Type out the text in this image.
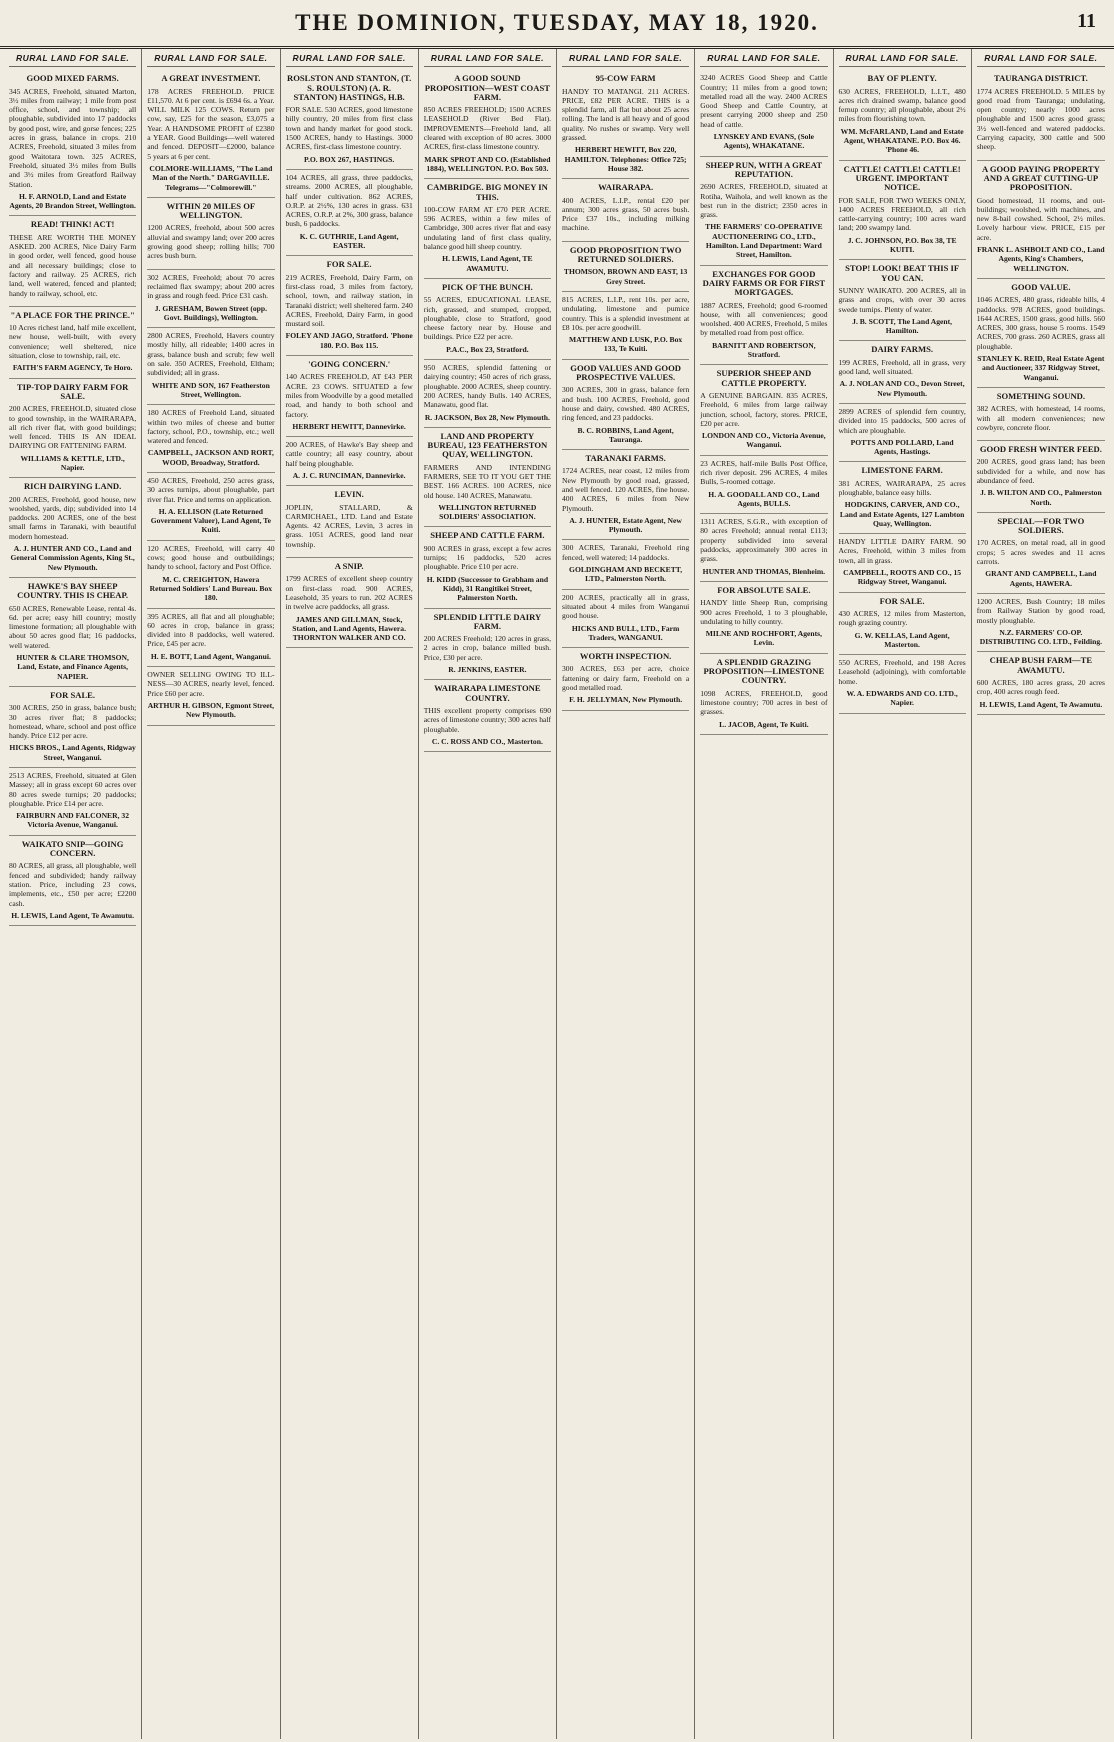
THE DOMINION, TUESDAY, MAY 18, 1920.	11
RURAL LAND FOR SALE.
GOOD MIXED FARMS.

345 ACRES, Freehold, situated Marton, 3½ miles from railway; 1 mile from post office, school, and township; all ploughable, subdivided into 17 paddocks by good post, wire, and gorse fences; 225 acres in grass, balance in crops. 210 ACRES, Freehold, situated 3 miles from good Waitotara town. 325 ACRES, Freehold, situated 3½ miles from Bulls and 3½ miles from Greatford Railway Station.

H. F. ARNOLD, Land and Estate Agents, 20 Brandon Street, Wellington.
READ! THINK! ACT!

THESE ARE WORTH THE MONEY ASKED. 200 ACRES, Nice Dairy Farm in good order, well fenced, good house and all necessary buildings; close to factory and railway. 25 ACRES, rich land, well watered, fenced and planted; handy to railway, school, etc.

"A PLACE FOR THE PRINCE."

10 Acres richest land, half mile excellent, new house, well-built, with every convenience; well sheltered, nice situation, close to township, rail, etc.

FAITH'S FARM AGENCY, Te Horo.
TIP-TOP DAIRY FARM FOR SALE.

200 ACRES, FREEHOLD, situated close to good township, in the WAIRARAPA, all rich river flat, with good buildings; well fenced. THIS IS AN IDEAL DAIRYING OR FATTENING FARM.

WILLIAMS & KETTLE, LTD., Napier.
RICH DAIRYING LAND.

200 ACRES, Freehold, good house, new woolshed, yards, dip; subdivided into 14 paddocks. 200 ACRES, one of the best small farms in Taranaki, with beautiful modern homestead.

A. J. HUNTER AND CO., Land and General Commission Agents, King St., New Plymouth.
HAWKE'S BAY SHEEP COUNTRY. THIS IS CHEAP.

650 ACRES, Renewable Lease, rental 4s. 6d. per acre; easy hill country; mostly limestone formation; all ploughable with about 50 acres good flat; 16 paddocks, well watered.

HUNTER & CLARE THOMSON, Land, Estate, and Finance Agents, NAPIER.
FOR SALE.

300 ACRES, 250 in grass, balance bush; 30 acres river flat; 8 paddocks; homestead, whare, school and post office handy. Price £12 per acre.

HICKS BROS., Land Agents, Ridgway Street, Wanganui.

2513 ACRES, Freehold, situated at Glen Massey; all in grass except 60 acres over 80 acres swede turnips; 20 paddocks; ploughable. Price £14 per acre.

FAIRBURN AND FALCONER, 32 Victoria Avenue, Wanganui.
WAIKATO SNIP—GOING CONCERN.

80 ACRES, all grass, all ploughable, well fenced and subdivided; handy railway station. Price, including 23 cows, implements, etc., £50 per acre; £2200 cash.

H. LEWIS, Land Agent, Te Awamutu.
RURAL LAND FOR SALE.
A GREAT INVESTMENT.

178 ACRES FREEHOLD. PRICE £11,570. At 6 per cent. is £694 6s. a Year. WILL MILK 125 COWS. Return per cow, say, £25 for the season, £3,075 a Year. A HANDSOME PROFIT of £2380 a YEAR. Good Buildings—well watered and fenced. DEPOSIT—£2000, balance 5 years at 6 per cent.

COLMORE-WILLIAMS, "The Land Man of the North." DARGAVILLE. Telegrams—"Colmorewill."
WITHIN 20 MILES OF WELLINGTON.

1200 ACRES, freehold, about 500 acres alluvial and swampy land; over 200 acres growing good sheep; rolling hills; 700 acres bush burn.

302 ACRES, Freehold; about 70 acres reclaimed flax swampy; about 200 acres in grass and rough feed. Price £31 cash.

J. GRESHAM, Bowen Street (opp. Govt. Buildings), Wellington.

2800 ACRES, Freehold, Havers country mostly hilly, all rideable; 1400 acres in grass, balance bush and scrub; few well on sale. 350 ACRES, Freehold, Eltham; subdivided; all in grass.

WHITE AND SON, 167 Featherston Street, Wellington.

180 ACRES of Freehold Land, situated within two miles of cheese and butter factory, school, P.O., township, etc.; well watered and fenced.

CAMPBELL, JACKSON AND RORT, WOOD, Broadway, Stratford.

450 ACRES, Freehold, 250 acres grass, 30 acres turnips, about ploughable, part river flat. Price and terms on application.

H. A. ELLISON (Late Returned Government Valuer), Land Agent, Te Kuiti.

120 ACRES, Freehold, will carry 40 cows; good house and outbuildings; handy to school, factory and Post Office.

M. C. CREIGHTON, Hawera Returned Soldiers' Land Bureau. Box 180.

395 ACRES, all flat and all ploughable; 60 acres in crop, balance in grass; divided into 8 paddocks, well watered. Price, £45 per acre.

H. E. BOTT, Land Agent, Wanganui.

OWNER SELLING OWING TO ILL-NESS—30 ACRES, nearly level, fenced. Price £60 per acre.

ARTHUR H. GIBSON, Egmont Street, New Plymouth.
RURAL LAND FOR SALE.
ROSLSTON AND STANTON, (T. S. ROULSTON) (A. R. STANTON) HASTINGS, H.B.

FOR SALE. 530 ACRES, good limestone hilly country, 20 miles from first class town and handy market for good stock. 1500 ACRES, handy to Hastings. 3000 ACRES, first-class limestone country.

P.O. BOX 267, HASTINGS.

104 ACRES, all grass, three paddocks, streams. 2000 ACRES, all ploughable, half under cultivation. 862 ACRES, O.R.P. at 2½%, 130 acres in grass. 631 ACRES, O.R.P. at 2%, 300 grass, balance bush, 6 paddocks.

K. C. GUTHRIE, Land Agent, EASTER.
FOR SALE.

219 ACRES, Freehold, Dairy Farm, on first-class road, 3 miles from factory, school, town, and railway station, in Taranaki district; well sheltered farm. 240 ACRES, Freehold, Dairy Farm, in good mustard soil.

FOLEY AND JAGO, Stratford. 'Phone 180. P.O. Box 115.
'GOING CONCERN.'

140 ACRES FREEHOLD, AT £43 PER ACRE. 23 COWS. SITUATED a few miles from Woodville by a good metalled road, and handy to both school and factory.

HERBERT HEWITT, Dannevirke.

200 ACRES, of Hawke's Bay sheep and cattle country; all easy country, about half being ploughable.

A. J. C. RUNCIMAN, Dannevirke.
LEVIN.

JOPLIN, STALLARD, & CARMICHAEL, LTD. Land and Estate Agents. 42 ACRES, Levin, 3 acres in grass. 1051 ACRES, good land near township.

A SNIP.

1799 ACRES of excellent sheep country on first-class road. 900 ACRES, Leasehold, 35 years to run. 202 ACRES in twelve acre paddocks, all grass.

JAMES AND GILLMAN, Stock, Station, and Land Agents, Hawera. THORNTON WALKER AND CO.
RURAL LAND FOR SALE.
A GOOD SOUND PROPOSITION—WEST COAST FARM.

850 ACRES FREEHOLD; 1500 ACRES LEASEHOLD (River Bed Flat). IMPROVEMENTS—Freehold land, all cleared with exception of 80 acres. 3000 ACRES, first-class limestone country.

MARK SPROT AND CO. (Established 1884), WELLINGTON. P.O. Box 503.
CAMBRIDGE. BIG MONEY IN THIS.

100-COW FARM AT £70 PER ACRE. 596 ACRES, within a few miles of Cambridge, 300 acres river flat and easy undulating land of first class quality, balance good hill sheep country.

H. LEWIS, Land Agent, TE AWAMUTU.
PICK OF THE BUNCH.

55 ACRES, EDUCATIONAL LEASE, rich, grassed, and stumped, cropped, ploughable, close to Stratford, good cheese factory near by. House and buildings. Price £22 per acre.

P.A.C., Box 23, Stratford.

950 ACRES, splendid fattening or dairying country; 450 acres of rich grass, ploughable. 2000 ACRES, sheep country. 200 ACRES, handy Bulls. 140 ACRES, Manawatu, good flat.

R. JACKSON, Box 28, New Plymouth.
LAND AND PROPERTY BUREAU, 123 FEATHERSTON QUAY, WELLINGTON.

FARMERS AND INTENDING FARMERS, SEE TO IT YOU GET THE BEST. 166 ACRES. 100 ACRES, nice old house. 140 ACRES, Manawatu.

WELLINGTON RETURNED SOLDIERS' ASSOCIATION.
SHEEP AND CATTLE FARM.

900 ACRES in grass, except a few acres turnips; 16 paddocks, 520 acres ploughable. Price £10 per acre.

H. KIDD (Successor to Grabham and Kidd), 31 Rangitikei Street, Palmerston North.
SPLENDID LITTLE DAIRY FARM.

200 ACRES Freehold; 120 acres in grass, 2 acres in crop, balance milled bush. Price, £30 per acre.

R. JENKINS, EASTER.
WAIRARAPA LIMESTONE COUNTRY.

THIS excellent property comprises 690 acres of limestone country; 300 acres half ploughable.

C. C. ROSS AND CO., Masterton.
RURAL LAND FOR SALE.
95-COW FARM

HANDY TO MATANGI. 211 ACRES. PRICE, £82 PER ACRE. THIS is a splendid farm, all flat but about 25 acres rolling. The land is all heavy and of good quality. No rushes or swamp. Very well grassed.

HERBERT HEWITT, Box 220, HAMILTON. Telephones: Office 725; House 382.
WAIRARAPA.

400 ACRES, L.I.P., rental £20 per annum; 300 acres grass, 50 acres bush. Price £37 10s., including milking machine.

GOOD PROPOSITION TWO RETURNED SOLDIERS.
THOMSON, BROWN AND EAST, 13 Grey Street.

815 ACRES, L.I.P., rent 10s. per acre, undulating, limestone and pumice country. This is a splendid investment at £8 10s. per acre goodwill.

MATTHEW AND LUSK, P.O. Box 133, Te Kuiti.
GOOD VALUES AND GOOD PROSPECTIVE VALUES.

300 ACRES, 300 in grass, balance fern and bush. 100 ACRES, Freehold, good house and dairy, cowshed. 480 ACRES, ring fenced, and 23 paddocks.

B. C. ROBBINS, Land Agent, Tauranga.
TARANAKI FARMS.

1724 ACRES, near coast, 12 miles from New Plymouth by good road, grassed, and well fenced. 120 ACRES, fine house. 400 ACRES, 6 miles from New Plymouth.

A. J. HUNTER, Estate Agent, New Plymouth.

300 ACRES, Taranaki, Freehold ring fenced, well watered; 14 paddocks.

GOLDINGHAM AND BECKETT, LTD., Palmerston North.

200 ACRES, practically all in grass, situated about 4 miles from Wanganui good house.

HICKS AND BULL, LTD., Farm Traders, WANGANUI.
WORTH INSPECTION.

300 ACRES, £63 per acre, choice fattening or dairy farm, Freehold on a good metalled road.

F. H. JELLYMAN, New Plymouth.
RURAL LAND FOR SALE.

3240 ACRES Good Sheep and Cattle Country; 11 miles from a good town; metalled road all the way. 2400 ACRES Good Sheep and Cattle Country, at present carrying 2000 sheep and 250 head of cattle.

LYNSKEY AND EVANS, (Sole Agents), WHAKATANE.
SHEEP RUN, WITH A GREAT REPUTATION.

2690 ACRES, FREEHOLD, situated at Rotiha, Waihola, and well known as the best run in the district; 2350 acres in grass.

THE FARMERS' CO-OPERATIVE AUCTIONEERING CO., LTD., Hamilton. Land Department: Ward Street, Hamilton.
EXCHANGES FOR GOOD DAIRY FARMS OR FOR FIRST MORTGAGES.

1887 ACRES, Freehold; good 6-roomed house, with all conveniences; good woolshed. 400 ACRES, Freehold, 5 miles by metalled road from post office.

BARNITT AND ROBERTSON, Stratford.
SUPERIOR SHEEP AND CATTLE PROPERTY.

A GENUINE BARGAIN. 835 ACRES, Freehold, 6 miles from large railway junction, school, factory, stores. PRICE, £20 per acre.

LONDON AND CO., Victoria Avenue, Wanganui.

23 ACRES, half-mile Bulls Post Office, rich river deposit. 296 ACRES, 4 miles Bulls, 5-roomed cottage.

H. A. GOODALL AND CO., Land Agents, BULLS.

1311 ACRES, S.G.R., with exception of 80 acres Freehold; annual rental £113; property subdivided into several paddocks, approximately 300 acres in grass.

HUNTER AND THOMAS, Blenheim.
FOR ABSOLUTE SALE.

HANDY little Sheep Run, comprising 900 acres Freehold, 1 to 3 ploughable, undulating to hilly country.

MILNE AND ROCHFORT, Agents, Levin.
A SPLENDID GRAZING PROPOSITION—LIMESTONE COUNTRY.

1098 ACRES, FREEHOLD, good limestone country; 700 acres in best of grasses.

L. JACOB, Agent, Te Kuiti.
RURAL LAND FOR SALE.
BAY OF PLENTY.

630 ACRES, FREEHOLD, L.I.T., 480 acres rich drained swamp, balance good fernup country; all ploughable, about 2½ miles from flourishing town.

WM. McFARLAND, Land and Estate Agent, WHAKATANE. P.O. Box 46. 'Phone 46.
CATTLE! CATTLE! CATTLE! URGENT. IMPORTANT NOTICE.

FOR SALE, FOR TWO WEEKS ONLY, 1400 ACRES FREEHOLD, all rich cattle-carrying country; 100 acres ward land; 200 swampy land.

J. C. JOHNSON, P.O. Box 38, TE KUITI.
STOP! LOOK! BEAT THIS IF YOU CAN.

SUNNY WAIKATO. 200 ACRES, all in grass and crops, with over 30 acres swede turnips. Plenty of water.

J. B. SCOTT, The Land Agent, Hamilton.
DAIRY FARMS.

199 ACRES, Freehold, all in grass, very good land, well situated.

A. J. NOLAN AND CO., Devon Street, New Plymouth.

2899 ACRES of splendid fern country, divided into 15 paddocks, 500 acres of which are ploughable.

POTTS AND POLLARD, Land Agents, Hastings.
LIMESTONE FARM.

381 ACRES, WAIRARAPA, 25 acres ploughable, balance easy hills.

HODGKINS, CARVER, AND CO., Land and Estate Agents, 127 Lambton Quay, Wellington.

HANDY LITTLE DAIRY FARM. 90 Acres, Freehold, within 3 miles from town, all in grass.

CAMPBELL, ROOTS AND CO., 15 Ridgway Street, Wanganui.
FOR SALE.

430 ACRES, 12 miles from Masterton, rough grazing country.

G. W. KELLAS, Land Agent, Masterton.

550 ACRES, Freehold, and 198 Acres Leasehold (adjoining), with comfortable home.

W. A. EDWARDS AND CO. LTD., Napier.
RURAL LAND FOR SALE.
TAURANGA DISTRICT.

1774 ACRES FREEHOLD. 5 MILES by good road from Tauranga; undulating, open country; nearly 1000 acres ploughable and 1500 acres good grass; 3½ well-fenced and watered paddocks. Carrying capacity, 300 cattle and 500 sheep.

A GOOD PAYING PROPERTY AND A GREAT CUTTING-UP PROPOSITION.

Good homestead, 11 rooms, and out-buildings; woolshed, with machines, and new 8-bail cowshed. School, 2½ miles. Lovely harbour view. PRICE, £15 per acre.

FRANK L. ASHBOLT AND CO., Land Agents, King's Chambers, WELLINGTON.
GOOD VALUE.

1046 ACRES, 480 grass, rideable hills, 4 paddocks. 978 ACRES, good buildings. 1644 ACRES, 1500 grass, good hills. 560 ACRES, 300 grass, house 5 rooms. 1549 ACRES, 700 grass. 260 ACRES, grass all ploughable.

STANLEY K. REID, Real Estate Agent and Auctioneer, 337 Ridgway Street, Wanganui.
SOMETHING SOUND.

382 ACRES, with homestead, 14 rooms, with all modern conveniences; new cowbyre, concrete floor.

GOOD FRESH WINTER FEED.

200 ACRES, good grass land; has been subdivided for a while, and now has abundance of feed.

J. B. WILTON AND CO., Palmerston North.
SPECIAL—FOR TWO SOLDIERS.

170 ACRES, on metal road, all in good crops; 5 acres swedes and 11 acres carrots.

GRANT AND CAMPBELL, Land Agents, HAWERA.

1200 ACRES, Bush Country; 18 miles from Railway Station by good road, mostly ploughable.

N.Z. FARMERS' CO-OP. DISTRIBUTING CO. LTD., Feilding.
CHEAP BUSH FARM—TE AWAMUTU.

600 ACRES, 180 acres grass, 20 acres crop, 400 acres rough feed.

H. LEWIS, Land Agent, Te Awamutu.
